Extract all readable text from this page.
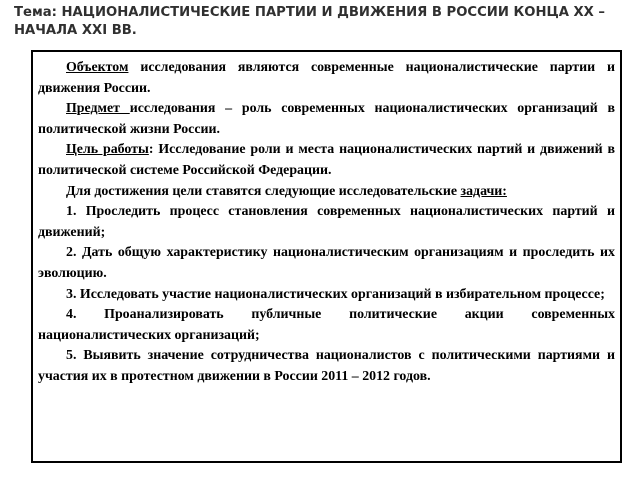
Тема: НАЦИОНАЛИСТИЧЕСКИЕ ПАРТИИ И ДВИЖЕНИЯ В РОССИИ КОНЦА XX – НАЧАЛА XXI ВВ.

Объектом исследования являются современные националистические партии и движения России.

Предмет исследования – роль современных националистических организаций в политической жизни России.

Цель работы: Исследование роли и места националистических партий и движений в политической системе Российской Федерации.

Для достижения цели ставятся следующие исследовательские задачи:

1. Проследить процесс становления современных националистических партий и движений;

2. Дать общую характеристику националистическим организациям и проследить их эволюцию.

3. Исследовать участие националистических организаций в избирательном процессе;

4. Проанализировать публичные политические акции современных националистических организаций;

5. Выявить значение сотрудничества националистов с политическими партиями и участия их в протестном движении в России 2011 – 2012 годов.
